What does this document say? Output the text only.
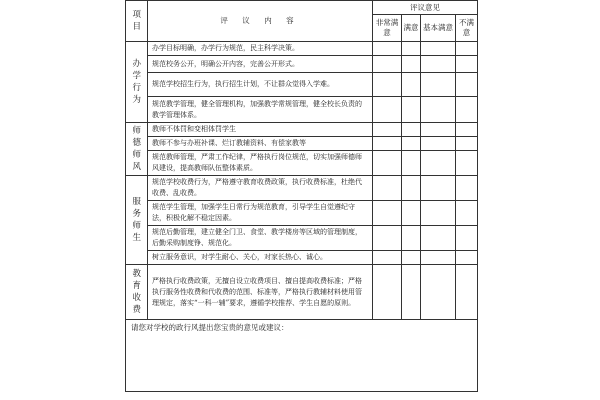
项目	评 议 内 容	评议意见			
		非常满意	满意	基本满意	不满意

办学行为	办学目标明确，办学行为规范，民主科学决策。				
	规范校务公开，明确公开内容，完善公开形式。				
	规范学校招生行为，执行招生计划，不让群众觉得入学难。				
	规范教学管理，健全管理机构，加强教学常规管理，健全校长负责的教学管理体系。				

师德师风	教师不体罚和变相体罚学生				
	教师不参与办班补课、烂订教辅资料、有偿家教等				
	规范教师管理，严肃工作纪律，严格执行岗位规范，切实加强师德师风建设，提高教师队伍整体素质。				

服务师生	规范学校收费行为，严格遵守教育收费政策，执行收费标准，杜绝代收费、乱收费。				
	规范学生管理，加强学生日常行为规范教育，引导学生自觉遵纪守法，积极化解不稳定因素。				
	规范后勤管理，建立健全门卫、食堂、教学楼房等区域的管理制度，后勤采购制度铮、规范化。				
	树立服务意识，对学生耐心、关心，对家长热心、诚心。				

教育收费	严格执行收费政策，无擅自设立收费项目、擅自提高收费标准；严格执行服务性收费和代收费的范围、标准等，严格执行教辅材料使用管理规定，落实“一科一辅”要求，遵循学校推荐、学生自愿的原则。				
请您对学校的政行风提出您宝贵的意见或建议：					
